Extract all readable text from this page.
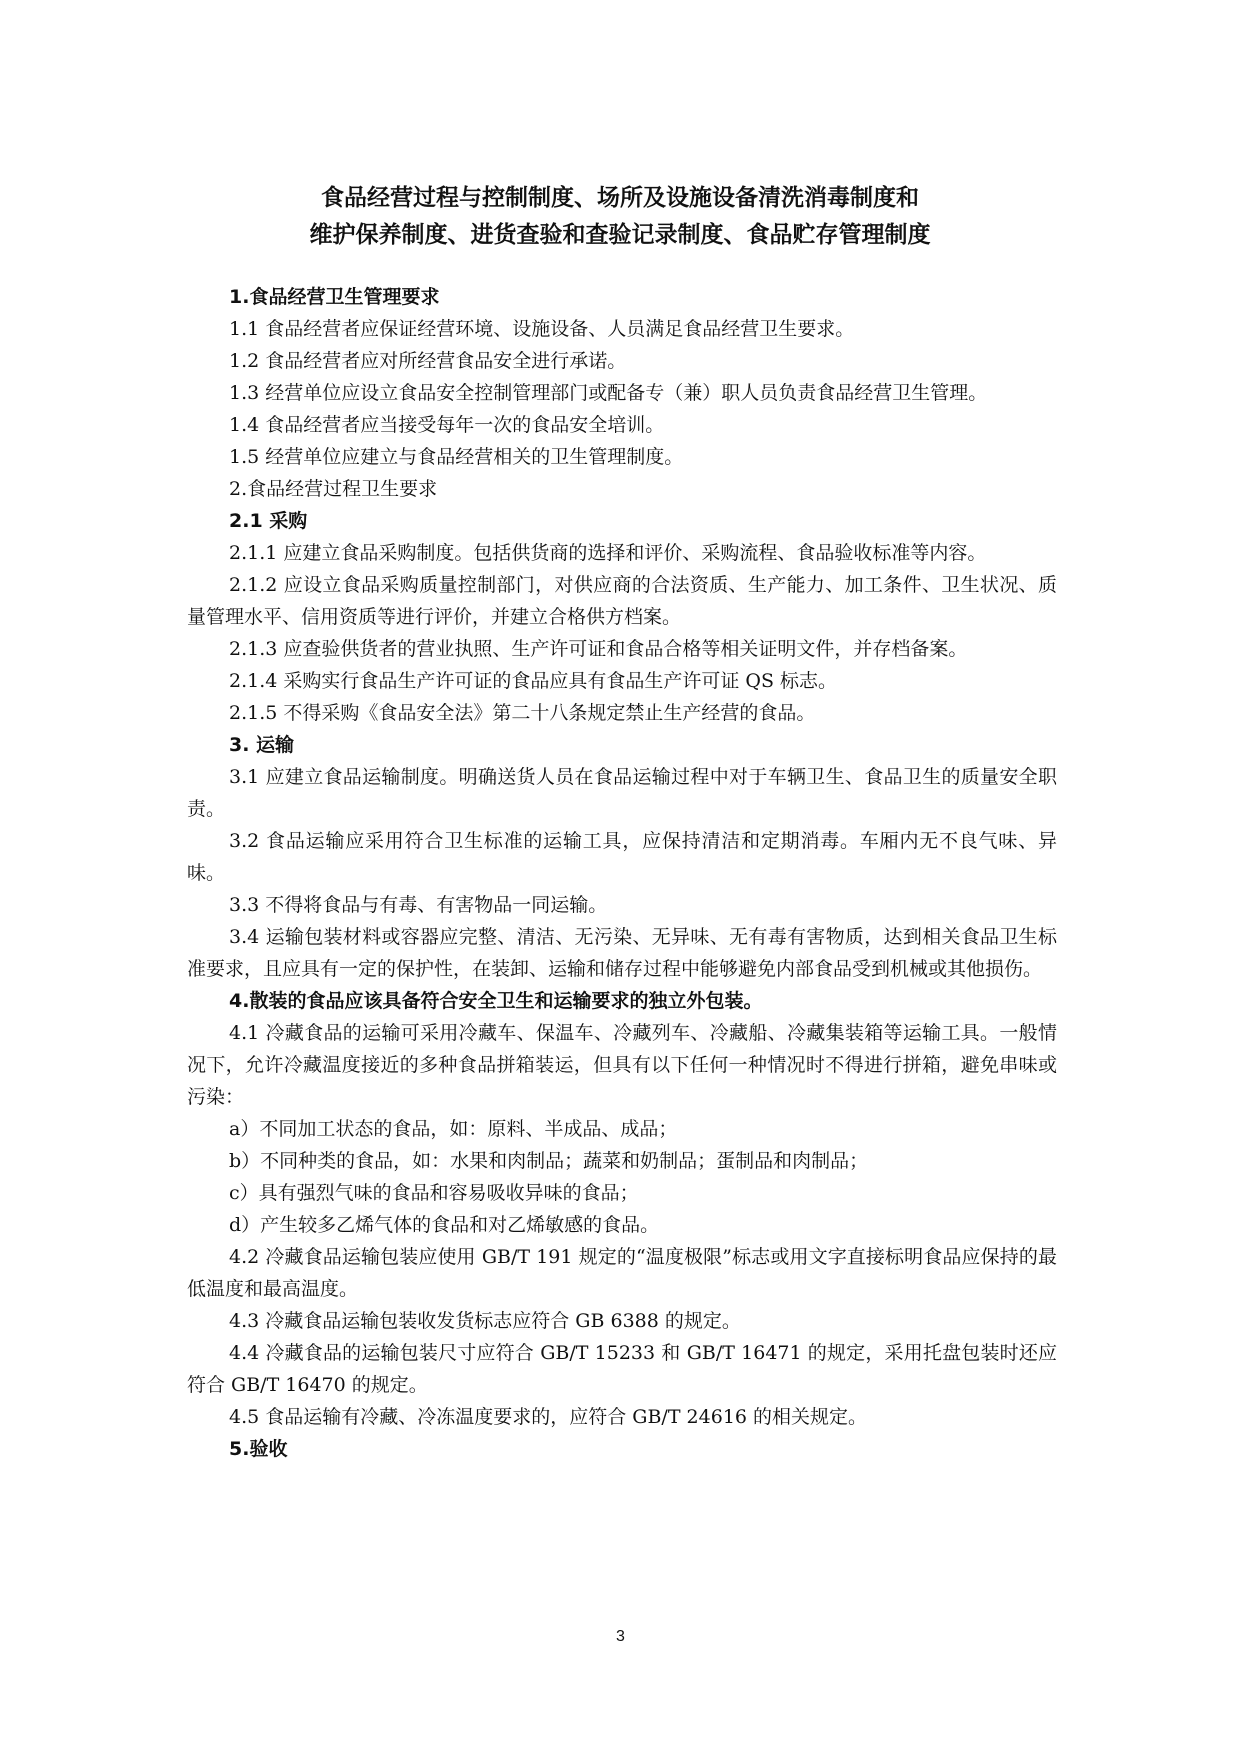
食品经营过程与控制制度、场所及设施设备清洗消毒制度和
维护保养制度、进货查验和查验记录制度、食品贮存管理制度

1.食品经营卫生管理要求

1.1 食品经营者应保证经营环境、设施设备、人员满足食品经营卫生要求。

1.2 食品经营者应对所经营食品安全进行承诺。

1.3 经营单位应设立食品安全控制管理部门或配备专（兼）职人员负责食品经营卫生管理。

1.4 食品经营者应当接受每年一次的食品安全培训。

1.5 经营单位应建立与食品经营相关的卫生管理制度。

2.食品经营过程卫生要求

2.1 采购

2.1.1 应建立食品采购制度。包括供货商的选择和评价、采购流程、食品验收标准等内容。

2.1.2 应设立食品采购质量控制部门，对供应商的合法资质、生产能力、加工条件、卫生状况、质量管理水平、信用资质等进行评价，并建立合格供方档案。

2.1.3 应查验供货者的营业执照、生产许可证和食品合格等相关证明文件，并存档备案。

2.1.4 采购实行食品生产许可证的食品应具有食品生产许可证 QS 标志。

2.1.5 不得采购《食品安全法》第二十八条规定禁止生产经营的食品。

3. 运输

3.1 应建立食品运输制度。明确送货人员在食品运输过程中对于车辆卫生、食品卫生的质量安全职责。

3.2 食品运输应采用符合卫生标准的运输工具，应保持清洁和定期消毒。车厢内无不良气味、异味。

3.3 不得将食品与有毒、有害物品一同运输。

3.4 运输包装材料或容器应完整、清洁、无污染、无异味、无有毒有害物质，达到相关食品卫生标准要求，且应具有一定的保护性，在装卸、运输和储存过程中能够避免内部食品受到机械或其他损伤。

4.散装的食品应该具备符合安全卫生和运输要求的独立外包装。

4.1 冷藏食品的运输可采用冷藏车、保温车、冷藏列车、冷藏船、冷藏集装箱等运输工具。一般情况下，允许冷藏温度接近的多种食品拼箱装运，但具有以下任何一种情况时不得进行拼箱，避免串味或污染：

a）不同加工状态的食品，如：原料、半成品、成品；

b）不同种类的食品，如：水果和肉制品；蔬菜和奶制品；蛋制品和肉制品；

c）具有强烈气味的食品和容易吸收异味的食品；

d）产生较多乙烯气体的食品和对乙烯敏感的食品。

4.2 冷藏食品运输包装应使用 GB/T 191 规定的“温度极限”标志或用文字直接标明食品应保持的最低温度和最高温度。

4.3 冷藏食品运输包装收发货标志应符合 GB 6388 的规定。

4.4 冷藏食品的运输包装尺寸应符合 GB/T 15233 和 GB/T 16471 的规定，采用托盘包装时还应符合 GB/T 16470 的规定。

4.5 食品运输有冷藏、冷冻温度要求的，应符合 GB/T 24616 的相关规定。

5.验收

3
